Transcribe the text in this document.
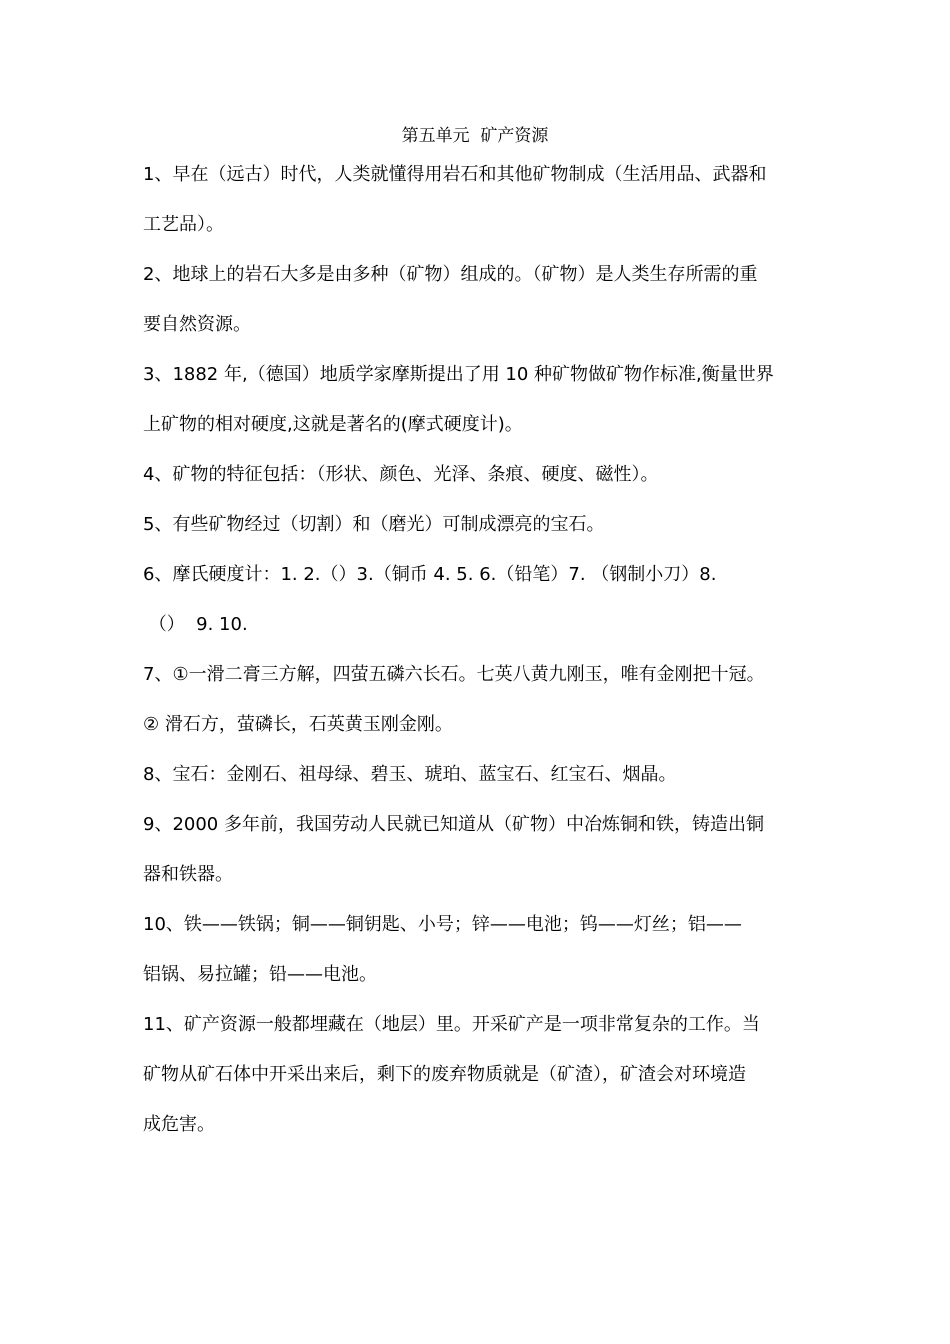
第五单元  矿产资源
1、早在（远古）时代，人类就懂得用岩石和其他矿物制成（生活用品、武器和
工艺品）。
2、地球上的岩石大多是由多种（矿物）组成的。（矿物）是人类生存所需的重
要自然资源。
3、1882 年,（德国）地质学家摩斯提出了用 10 种矿物做矿物作标准,衡量世界
上矿物的相对硬度,这就是著名的(摩式硬度计)。
4、矿物的特征包括：（形状、颜色、光泽、条痕、硬度、磁性）。
5、有些矿物经过（切割）和（磨光）可制成漂亮的宝石。
6、摩氏硬度计：1. 2.（）3.（铜币 4. 5. 6.（铅笔）7. （钢制小刀）8.
（）  9. 10.
7、①一滑二膏三方解，四萤五磷六长石。七英八黄九刚玉，唯有金刚把十冠。
② 滑石方，萤磷长，石英黄玉刚金刚。
8、宝石：金刚石、祖母绿、碧玉、琥珀、蓝宝石、红宝石、烟晶。
9、2000 多年前，我国劳动人民就已知道从（矿物）中冶炼铜和铁，铸造出铜
器和铁器。
10、铁——铁锅；铜——铜钥匙、小号；锌——电池；钨——灯丝；铝——
铝锅、易拉罐；铅——电池。
11、矿产资源一般都埋藏在（地层）里。开采矿产是一项非常复杂的工作。当
矿物从矿石体中开采出来后，剩下的废弃物质就是（矿渣），矿渣会对环境造
成危害。
